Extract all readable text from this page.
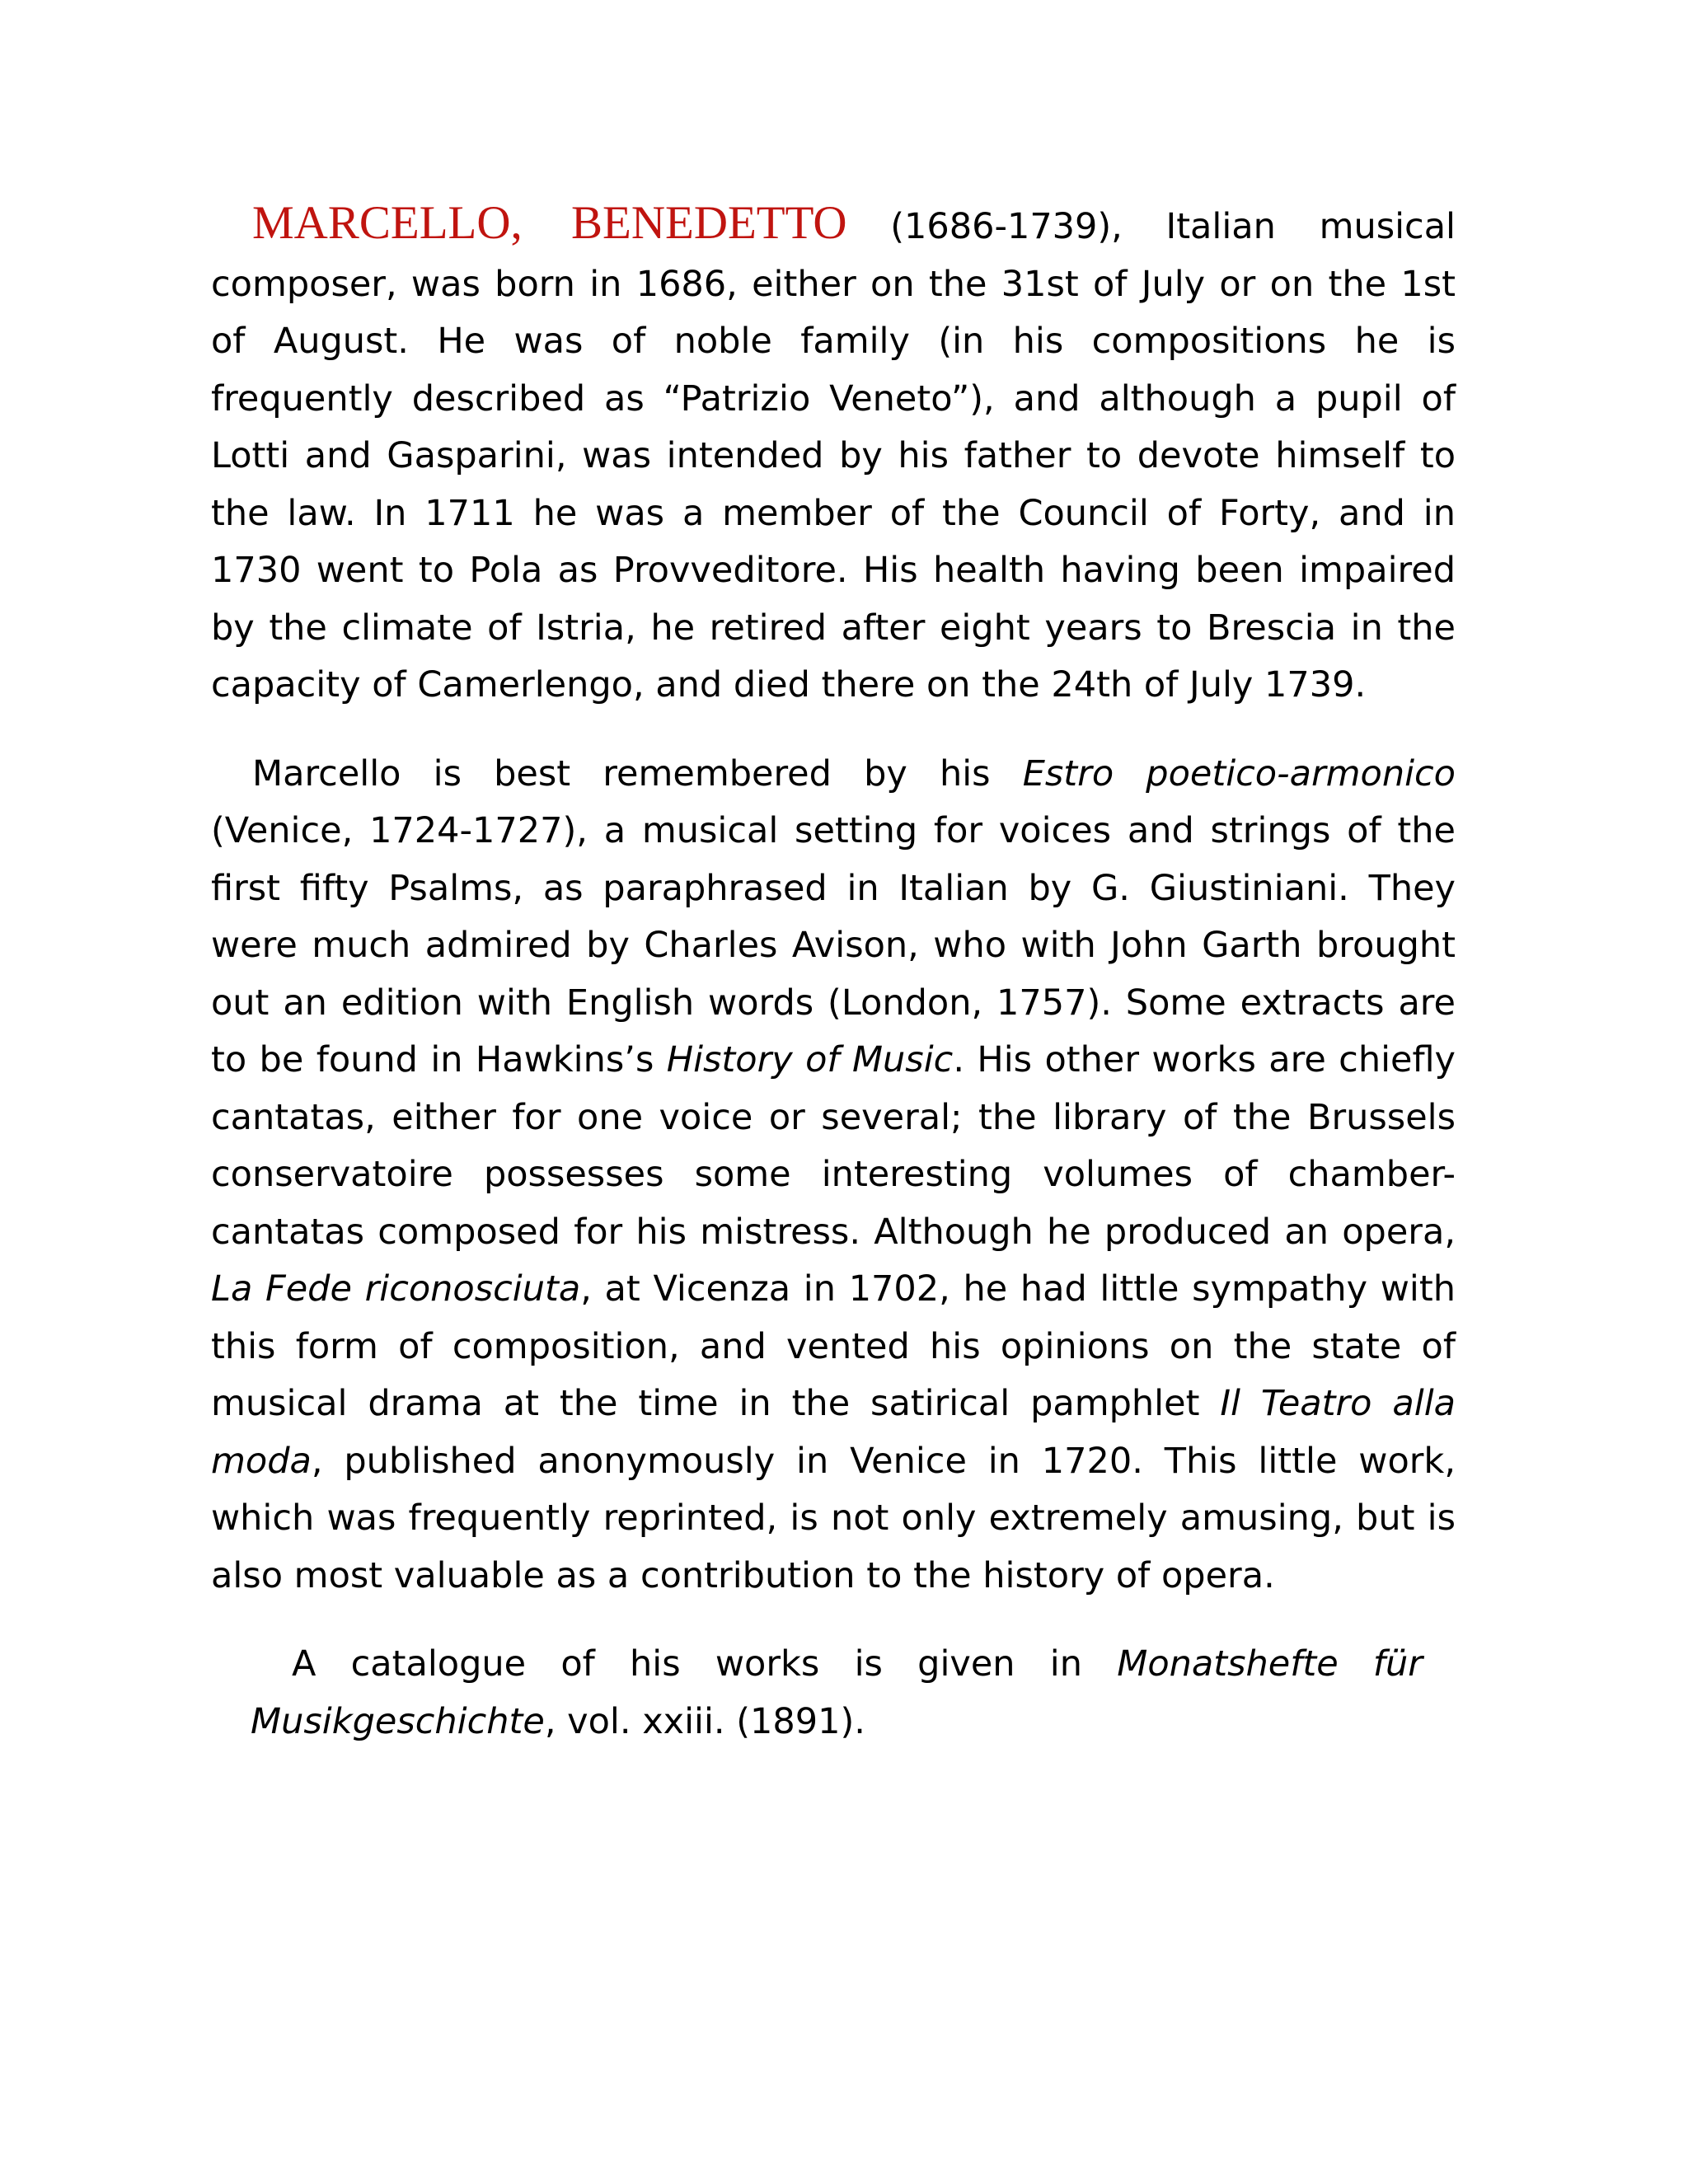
MARCELLO, BENEDETTO (1686-1739), Italian musical composer, was born in 1686, either on the 31st of July or on the 1st of August. He was of noble family (in his compositions he is frequently described as “Patrizio Veneto”), and although a pupil of Lotti and Gasparini, was intended by his father to devote himself to the law. In 1711 he was a member of the Council of Forty, and in 1730 went to Pola as Provveditore. His health having been impaired by the climate of Istria, he retired after eight years to Brescia in the capacity of Camerlengo, and died there on the 24th of July 1739.

Marcello is best remembered by his Estro poetico-armonico (Venice, 1724-1727), a musical setting for voices and strings of the first fifty Psalms, as paraphrased in Italian by G. Giustiniani. They were much admired by Charles Avison, who with John Garth brought out an edition with English words (London, 1757). Some extracts are to be found in Hawkins’s History of Music. His other works are chiefly cantatas, either for one voice or several; the library of the Brussels conservatoire possesses some interesting volumes of chamber-cantatas composed for his mistress. Although he produced an opera, La Fede riconosciuta, at Vicenza in 1702, he had little sympathy with this form of composition, and vented his opinions on the state of musical drama at the time in the satirical pamphlet Il Teatro alla moda, published anonymously in Venice in 1720. This little work, which was frequently reprinted, is not only extremely amusing, but is also most valuable as a contribution to the history of opera.

A catalogue of his works is given in Monatshefte für Musikgeschichte, vol. xxiii. (1891).
